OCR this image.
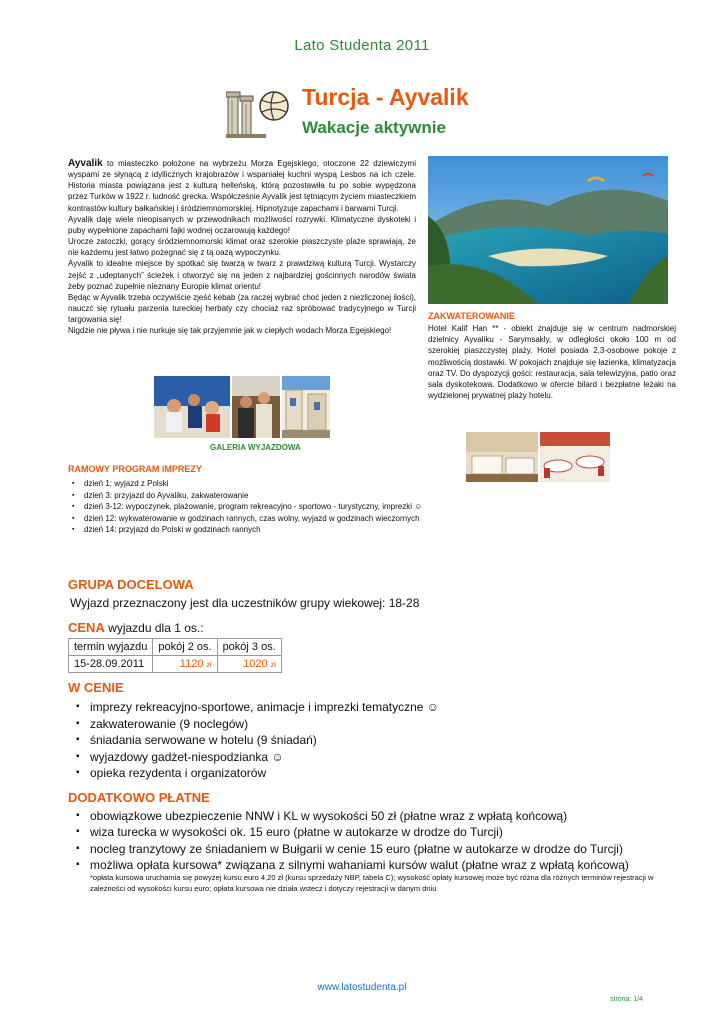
Lato Studenta 2011
Turcja - Ayvalik
Wakacje aktywnie

Ayvalik to miasteczko położone na wybrzeżu Morza Egejskiego, otoczone 22 dziewiczymi wyspami ze słynącą z idyllicznych krajobrazów i wspaniałej kuchni wyspą Lesbos na ich czele. Historia miasta powiązana jest z kulturą helleńską, którą pozostawiła tu po sobie wypędzona przez Turków w 1922 r. ludność grecka. Współcześnie Ayvalik jest tętniącym życiem miasteczkiem kontrastów kultury bałkańskiej i śródziemnomorskiej. Hipnotyzuje zapachami i barwami Turcji.

Ayvalik daję wiele nieopisanych w przewodnikach możliwości rozrywki. Klimatyczne dyskoteki i puby wypełnione zapachami fajki wodnej oczarowują każdego!

Urocze zatoczki, gorący śródziemnomorski klimat oraz szerokie piaszczyste plaże sprawiają, że nie każdemu jest łatwo pożegnać się z tą oazą wypoczynku.

Ayvalik to idealne miejsce by spotkać się twarzą w twarz z prawdziwą kulturą Turcji. Wystarczy zejść z „udeptanych” ścieżek i otworzyć się na jeden z najbardziej gościnnych narodów świata żeby poznać zupełnie nieznany Europie klimat orientu!

Będąc w Ayvalik trzeba oczywiście zjeść kebab (za raczej wybrać choć jeden z niezliczonej ilości), nauczć się rytuału parzenia tureckiej herbaty czy chociaż raz spróbować tradycyjnego w Turcji targowania się!

Nigdzie nie pływa i nie nurkuje się tak przyjemnie jak w ciepłych wodach Morza Egejskiego!

ZAKWATEROWANIE
Hotel Kalif Han ** - obiekt znajduje się w centrum nadmorskiej dzielnicy Ayvaliku - Sarymsakly, w odległości około 100 m od szerokiej piaszczystej plaży. Hotel posiada 2,3-osobowe pokoje z możliwością dostawki. W pokojach znajduje się łazienka, klimatyzacja oraz TV. Do dyspozycji gości: restauracja, sala telewizyjna, patio oraz sala dyskotekowa. Dodatkowo w ofercie bilard i bezpłatne leżaki na wydzielonej prywatnej plaży hotelu.
GALERIA WYJAZDOWA
RAMOWY PROGRAM IMPREZY
▪ dzień 1: wyjazd z Polski
▪ dzień 3: przyjazd do Ayvaliku, zakwaterowanie
▪ dzień 3-12: wypoczynek, plażowanie, program rekreacyjno - sportowo - turystyczny, imprezki ☺
▪ dzień 12: wykwaterowanie w godzinach rannych, czas wolny, wyjazd w godzinach wieczornych
▪ dzień 14: przyjazd do Polski w godzinach rannych
GRUPA DOCELOWA
Wyjazd przeznaczony jest dla uczestników grupy wiekowej: 18-28
CENA wyjazdu dla 1 os.:
termin wyjazdu	pokój 2 os.	pokój 3 os.
15-28.09.2011	1120 zł	1020 zł
W CENIE
▪ imprezy rekreacyjno-sportowe, animacje i imprezki tematyczne ☺
▪ zakwaterowanie (9 noclegów)
▪ śniadania serwowane w hotelu (9 śniadań)
▪ wyjazdowy gadżet-niespodzianka ☺
▪ opieka rezydenta i organizatorów
DODATKOWO PŁATNE
▪ obowiązkowe ubezpieczenie NNW i KL w wysokości 50 zł (płatne wraz z wpłatą końcową)
▪ wiza turecka w wysokości ok. 15 euro (płatne w autokarze w drodze do Turcji)
▪ nocleg tranzytowy ze śniadaniem w Bułgarii w cenie 15 euro (płatne w autokarze w drodze do Turcji)
▪ możliwa opłata kursowa* związana z silnymi wahaniami kursów walut (płatne wraz z wpłatą końcową)
*opłata kursowa uruchamia się powyżej kursu euro 4,20 zł (kursu sprzedaży NBP, tabela C); wysokość opłaty kursowej może być różna dla różnych terminów rejestracji w zależności od wysokości kursu euro; opłata kursowa nie działa wstecz i dotyczy rejestracji w danym dniu
www.latostudenta.pl
strona: 1/4
